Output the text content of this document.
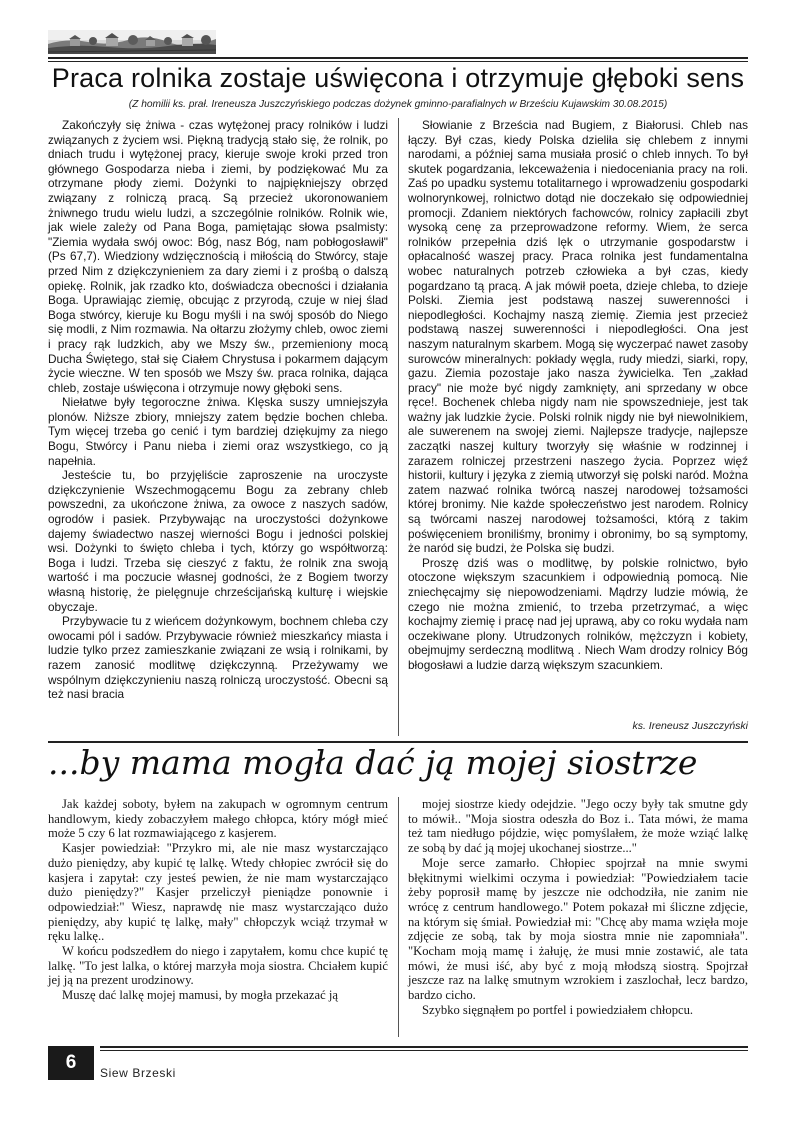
Praca rolnika zostaje uświęcona i otrzymuje głęboki sens
(Z homilii ks. prał. Ireneusza Juszczyńskiego podczas dożynek gminno-parafialnych w Brześciu Kujawskim 30.08.2015)

Zakończyły się żniwa - czas wytężonej pracy rolników i ludzi związanych z życiem wsi. Piękną tradycją stało się, że rolnik, po dniach trudu i wytężonej pracy, kieruje swoje kroki przed tron głównego Gospodarza nieba i ziemi, by podziękować Mu za otrzymane płody ziemi. Dożynki to najpiękniejszy obrzęd związany z rolniczą pracą. Są przecież ukoronowaniem żniwnego trudu wielu ludzi, a szczególnie rolników. Rolnik wie, jak wiele zależy od Pana Boga, pamiętając słowa psalmisty: "Ziemia wydała swój owoc: Bóg, nasz Bóg, nam pobłogosławił" (Ps 67,7). Wiedziony wdzięcznością i miłością do Stwórcy, staje przed Nim z dziękczynieniem za dary ziemi i z prośbą o dalszą opiekę. Rolnik, jak rzadko kto, doświadcza obecności i działania Boga. Uprawiając ziemię, obcując z przyrodą, czuje w niej ślad Boga stwórcy, kieruje ku Bogu myśli i na swój sposób do Niego się modli, z Nim rozmawia. Na ołtarzu złożymy chleb, owoc ziemi i pracy rąk ludzkich, aby we Mszy św., przemieniony mocą Ducha Świętego, stał się Ciałem Chrystusa i pokarmem dającym życie wieczne. W ten sposób we Mszy św. praca rolnika, dająca chleb, zostaje uświęcona i otrzymuje nowy głęboki sens.

Niełatwe były tegoroczne żniwa. Klęska suszy umniejszyła plonów. Niższe zbiory, mniejszy zatem będzie bochen chleba. Tym więcej trzeba go cenić i tym bardziej dziękujmy za niego Bogu, Stwórcy i Panu nieba i ziemi oraz wszystkiego, co ją napełnia.

Jesteście tu, bo przyjęliście zaproszenie na uroczyste dziękczynienie Wszechmogącemu Bogu za zebrany chleb powszedni, za ukończone żniwa, za owoce z naszych sadów, ogrodów i pasiek. Przybywając na uroczystości dożynkowe dajemy świadectwo naszej wierności Bogu i jedności polskiej wsi. Dożynki to święto chleba i tych, którzy go współtworzą: Boga i ludzi. Trzeba się cieszyć z faktu, że rolnik zna swoją wartość i ma poczucie własnej godności, że z Bogiem tworzy własną historię, że pielęgnuje chrześcijańską kulturę i wiejskie obyczaje.

Przybywacie tu z wieńcem dożynkowym, bochnem chleba czy owocami pól i sadów. Przybywacie również mieszkańcy miasta i ludzie tylko przez zamieszkanie związani ze wsią i rolnikami, by razem zanosić modlitwę dziękczynną. Przeżywamy we wspólnym dziękczynieniu naszą rolniczą uroczystość. Obecni są też nasi bracia

Słowianie z Brześcia nad Bugiem, z Białorusi. Chleb nas łączy. Był czas, kiedy Polska dzieliła się chlebem z innymi narodami, a później sama musiała prosić o chleb innych. To był skutek pogardzania, lekceważenia i niedoceniania pracy na roli. Zaś po upadku systemu totalitarnego i wprowadzeniu gospodarki wolnorynkowej, rolnictwo dotąd nie doczekało się odpowiedniej promocji. Zdaniem niektórych fachowców, rolnicy zapłacili zbyt wysoką cenę za przeprowadzone reformy. Wiem, że serca rolników przepełnia dziś lęk o utrzymanie gospodarstw i opłacalność waszej pracy. Praca rolnika jest fundamentalna wobec naturalnych potrzeb człowieka a był czas, kiedy pogardzano tą pracą. A jak mówił poeta, dzieje chleba, to dzieje Polski. Ziemia jest podstawą naszej suwerenności i niepodległości. Kochajmy naszą ziemię. Ziemia jest przecież podstawą naszej suwerenności i niepodległości. Ona jest naszym naturalnym skarbem. Mogą się wyczerpać nawet zasoby surowców mineralnych: pokłady węgla, rudy miedzi, siarki, ropy, gazu. Ziemia pozostaje jako nasza żywicielka. Ten „zakład pracy" nie może być nigdy zamknięty, ani sprzedany w obce ręce!. Bochenek chleba nigdy nam nie spowszednieje, jest tak ważny jak ludzkie życie. Polski rolnik nigdy nie był niewolnikiem, ale suwerenem na swojej ziemi. Najlepsze tradycje, najlepsze zaczątki naszej kultury tworzyły się właśnie w rodzinnej i zarazem rolniczej przestrzeni naszego życia. Poprzez więź historii, kultury i języka z ziemią utworzył się polski naród. Można zatem nazwać rolnika twórcą naszej narodowej tożsamości której bronimy. Nie każde społeczeństwo jest narodem. Rolnicy są twórcami naszej narodowej tożsamości, którą z takim poświęceniem broniliśmy, bronimy i obronimy, bo są symptomy, że naród się budzi, że Polska się budzi.

Proszę dziś was o modlitwę, by polskie rolnictwo, było otoczone większym szacunkiem i odpowiednią pomocą. Nie zniechęcajmy się niepowodzeniami. Mądrzy ludzie mówią, że czego nie można zmienić, to trzeba przetrzymać, a więc kochajmy ziemię i pracę nad jej uprawą, aby co roku wydała nam oczekiwane plony. Utrudzonych rolników, mężczyzn i kobiety, obejmujmy serdeczną modlitwą . Niech Wam drodzy rolnicy Bóg błogosławi a ludzie darzą większym szacunkiem.

ks. Ireneusz Juszczyński
...by mama mogła dać ją mojej siostrze

Jak każdej soboty, byłem na zakupach w ogromnym centrum handlowym, kiedy zobaczyłem małego chłopca, który mógł mieć może 5 czy 6 lat rozmawiającego z kasjerem.

Kasjer powiedział: "Przykro mi, ale nie masz wystarczająco dużo pieniędzy, aby kupić tę lalkę. Wtedy chłopiec zwrócił się do kasjera i zapytał: czy jesteś pewien, że nie mam wystarczająco dużo pieniędzy?" Kasjer przeliczył pieniądze ponownie i odpowiedział:" Wiesz, naprawdę nie masz wystarczająco dużo pieniędzy, aby kupić tę lalkę, mały" chłopczyk wciąż trzymał w ręku lalkę..

W końcu podszedłem do niego i zapytałem, komu chce kupić tę lalkę. "To jest lalka, o której marzyła moja siostra. Chciałem kupić jej ją na prezent urodzinowy.

Muszę dać lalkę mojej mamusi, by mogła przekazać ją

mojej siostrze kiedy odejdzie. "Jego oczy były tak smutne gdy to mówił.. "Moja siostra odeszła do Boz i.. Tata mówi, że mama też tam niedługo pójdzie, więc pomyślałem, że może wziąć lalkę ze sobą by dać ją mojej ukochanej siostrze..."

Moje serce zamarło. Chłopiec spojrzał na mnie swymi błękitnymi wielkimi oczyma i powiedział: "Powiedziałem tacie żeby poprosił mamę by jeszcze nie odchodziła, nie zanim nie wrócę z centrum handlowego." Potem pokazał mi śliczne zdjęcie, na którym się śmiał. Powiedział mi: "Chcę aby mama wzięła moje zdjęcie ze sobą, tak by moja siostra mnie nie zapomniała". "Kocham moją mamę i żałuję, że musi mnie zostawić, ale tata mówi, że musi iść, aby być z moją młodszą siostrą. Spojrzał jeszcze raz na lalkę smutnym wzrokiem i zaszlochał, lecz bardzo, bardzo cicho.

Szybko sięgnąłem po portfel i powiedziałem chłopcu.

6	Siew Brzeski
